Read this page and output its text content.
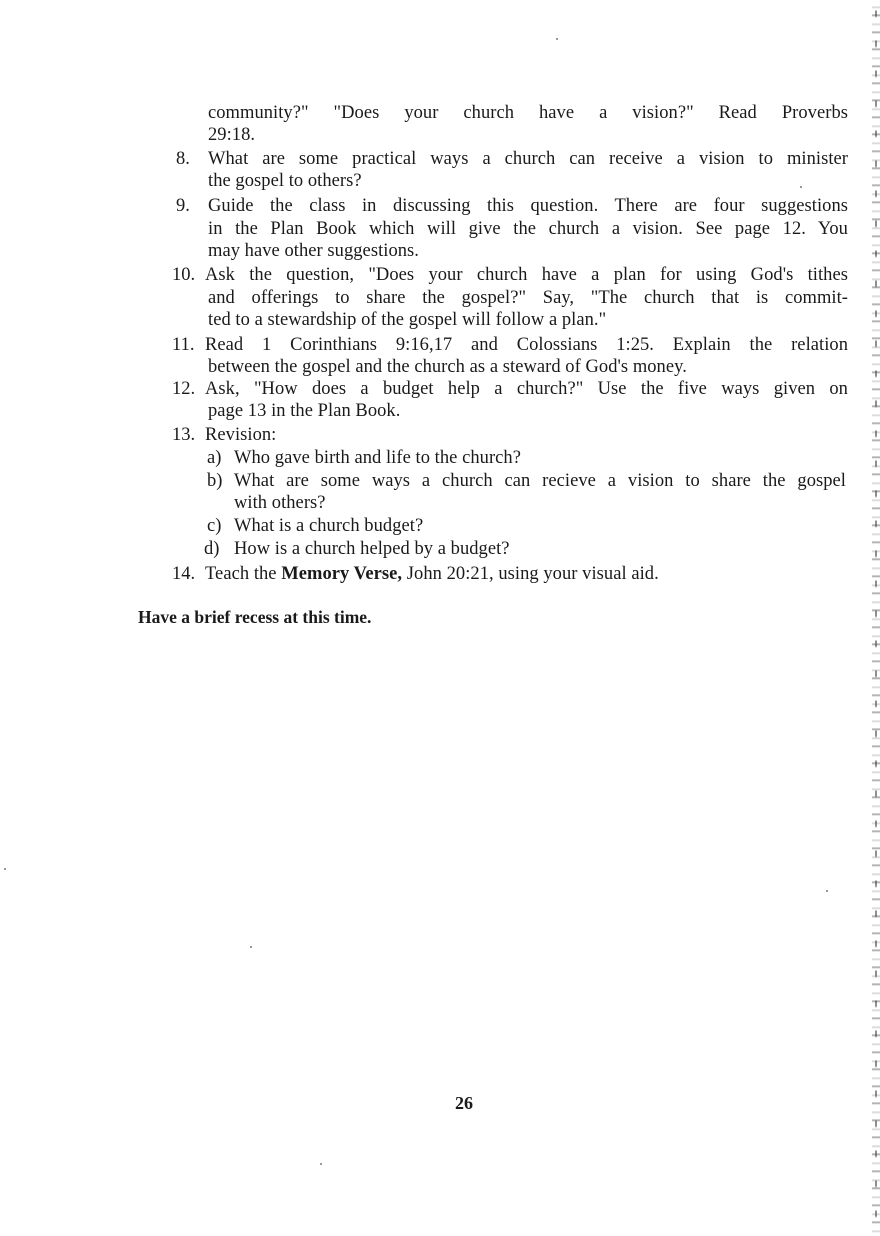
community?" "Does your church have a vision?" Read Proverbs
29:18.
8. What are some practical ways a church can receive a vision to minister
the gospel to others?
9. Guide the class in discussing this question. There are four suggestions
in the Plan Book which will give the church a vision. See page 12. You
may have other suggestions.
10. Ask the question, "Does your church have a plan for using God's tithes
and offerings to share the gospel?" Say, "The church that is commit-
ted to a stewardship of the gospel will follow a plan."
11. Read 1 Corinthians 9:16,17 and Colossians 1:25. Explain the relation
between the gospel and the church as a steward of God's money.
12. Ask, "How does a budget help a church?" Use the five ways given on
page 13 in the Plan Book.
13. Revision:
a) Who gave birth and life to the church?
b) What are some ways a church can recieve a vision to share the gospel
with others?
c) What is a church budget?
d) How is a church helped by a budget?
14. Teach the Memory Verse, John 20:21, using your visual aid.
Have a brief recess at this time.
26
